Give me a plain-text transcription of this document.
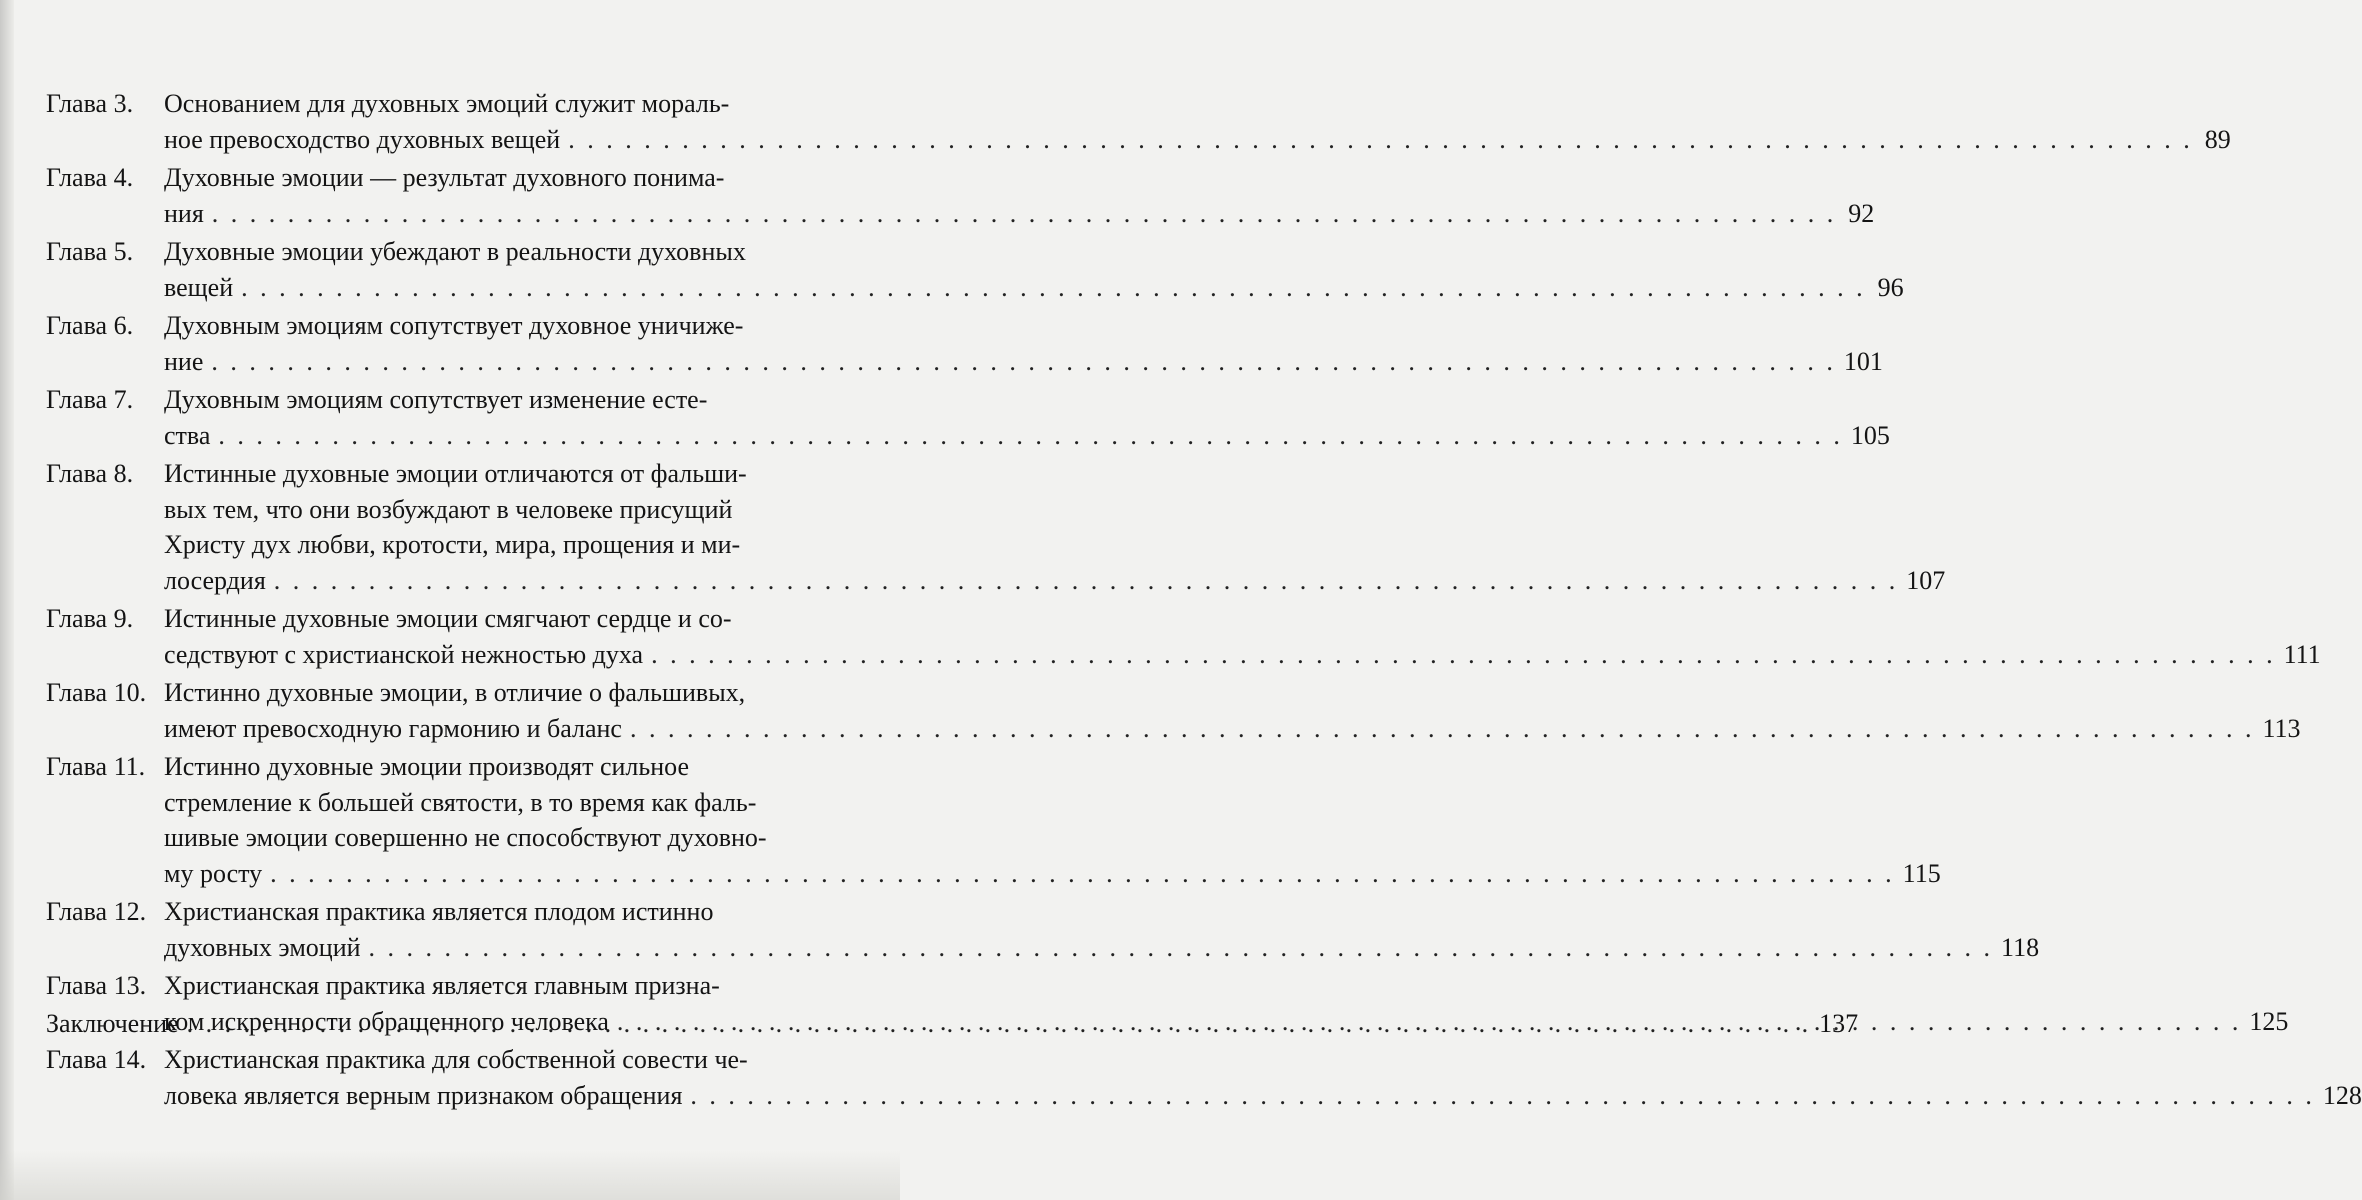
Глава 3.	Основанием для духовных эмоций служит мораль-
ное превосходство духовных вещей . . .	89
Глава 4.	Духовные эмоции — результат духовного понима-
ния . . .	92
Глава 5.	Духовные эмоции убеждают в реальности духовных
вещей . . .	96
Глава 6.	Духовным эмоциям сопутствует духовное уничиже-
ние . . .	101
Глава 7.	Духовным эмоциям сопутствует изменение есте-
ства . . .	105
Глава 8.	Истинные духовные эмоции отличаются от фальши-
вых тем, что они возбуждают в человеке присущий
Христу дух любви, кротости, мира, прощения и ми-
лосердия . . .	107
Глава 9.	Истинные духовные эмоции смягчают сердце и со-
седствуют с христианской нежностью духа . . .	111
Глава 10. Истинно духовные эмоции, в отличие о фальшивых,
имеют превосходную гармонию и баланс . . .	113
Глава 11. Истинно духовные эмоции производят сильное
стремление к большей святости, в то время как фаль-
шивые эмоции совершенно не способствуют духовно-
му росту . . .	115
Глава 12. Христианская практика является плодом истинно
духовных эмоций . . .	118
Глава 13. Христианская практика является главным призна-
ком искренности обращенного человека . . .	125
Глава 14. Христианская практика для собственной совести че-
ловека является верным признаком обращения . . .	128
Заключение . . .	137
